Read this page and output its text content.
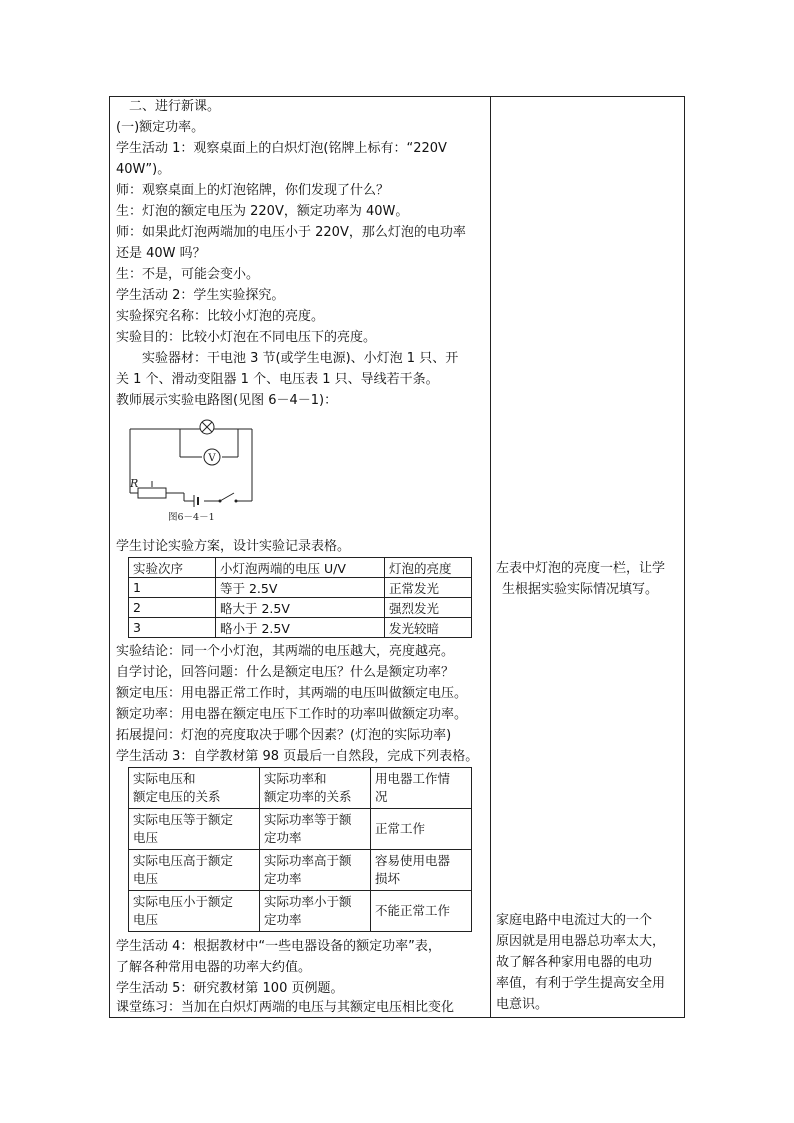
　二、进行新课。
(一)额定功率。
学生活动 1：观察桌面上的白炽灯泡(铭牌上标有：“220V
40W”)。
师：观察桌面上的灯泡铭牌，你们发现了什么？
生：灯泡的额定电压为 220V，额定功率为 40W。
师：如果此灯泡两端加的电压小于 220V，那么灯泡的电功率
还是 40W 吗？
生：不是，可能会变小。
学生活动 2：学生实验探究。
实验探究名称：比较小灯泡的亮度。
实验目的：比较小灯泡在不同电压下的亮度。
　　实验器材：干电池 3 节(或学生电源)、小灯泡 1 只、开
关 1 个、滑动变阻器 1 个、电压表 1 只、导线若干条。
教师展示实验电路图(见图 6－4－1)：
V
R
图6－4－1
学生讨论实验方案，设计实验记录表格。
实验次序	小灯泡两端的电压 U/V	灯泡的亮度
1	等于 2.5V	正常发光
2	略大于 2.5V	强烈发光
3	略小于 2.5V	发光较暗
实验结论：同一个小灯泡，其两端的电压越大，亮度越亮。
自学讨论，回答问题：什么是额定电压？什么是额定功率？
额定电压：用电器正常工作时，其两端的电压叫做额定电压。
额定功率：用电器在额定电压下工作时的功率叫做额定功率。
拓展提问：灯泡的亮度取决于哪个因素？(灯泡的实际功率)
学生活动 3：自学教材第 98 页最后一自然段，完成下列表格。
实际电压和
额定电压的关系	实际功率和
额定功率的关系	用电器工作情
况
实际电压等于额定
电压	实际功率等于额
定功率	正常工作
实际电压高于额定
电压	实际功率高于额
定功率	容易使用电器
损坏
实际电压小于额定
电压	实际功率小于额
定功率	不能正常工作
学生活动 4：根据教材中“一些电器设备的额定功率”表，
了解各种常用电器的功率大约值。
学生活动 5：研究教材第 100 页例题。
课堂练习：当加在白炽灯两端的电压与其额定电压相比变化
左表中灯泡的亮度一栏，让学
生根据实验实际情况填写。
家庭电路中电流过大的一个
原因就是用电器总功率太大，
故了解各种家用电器的电功
率值，有利于学生提高安全用
电意识。
